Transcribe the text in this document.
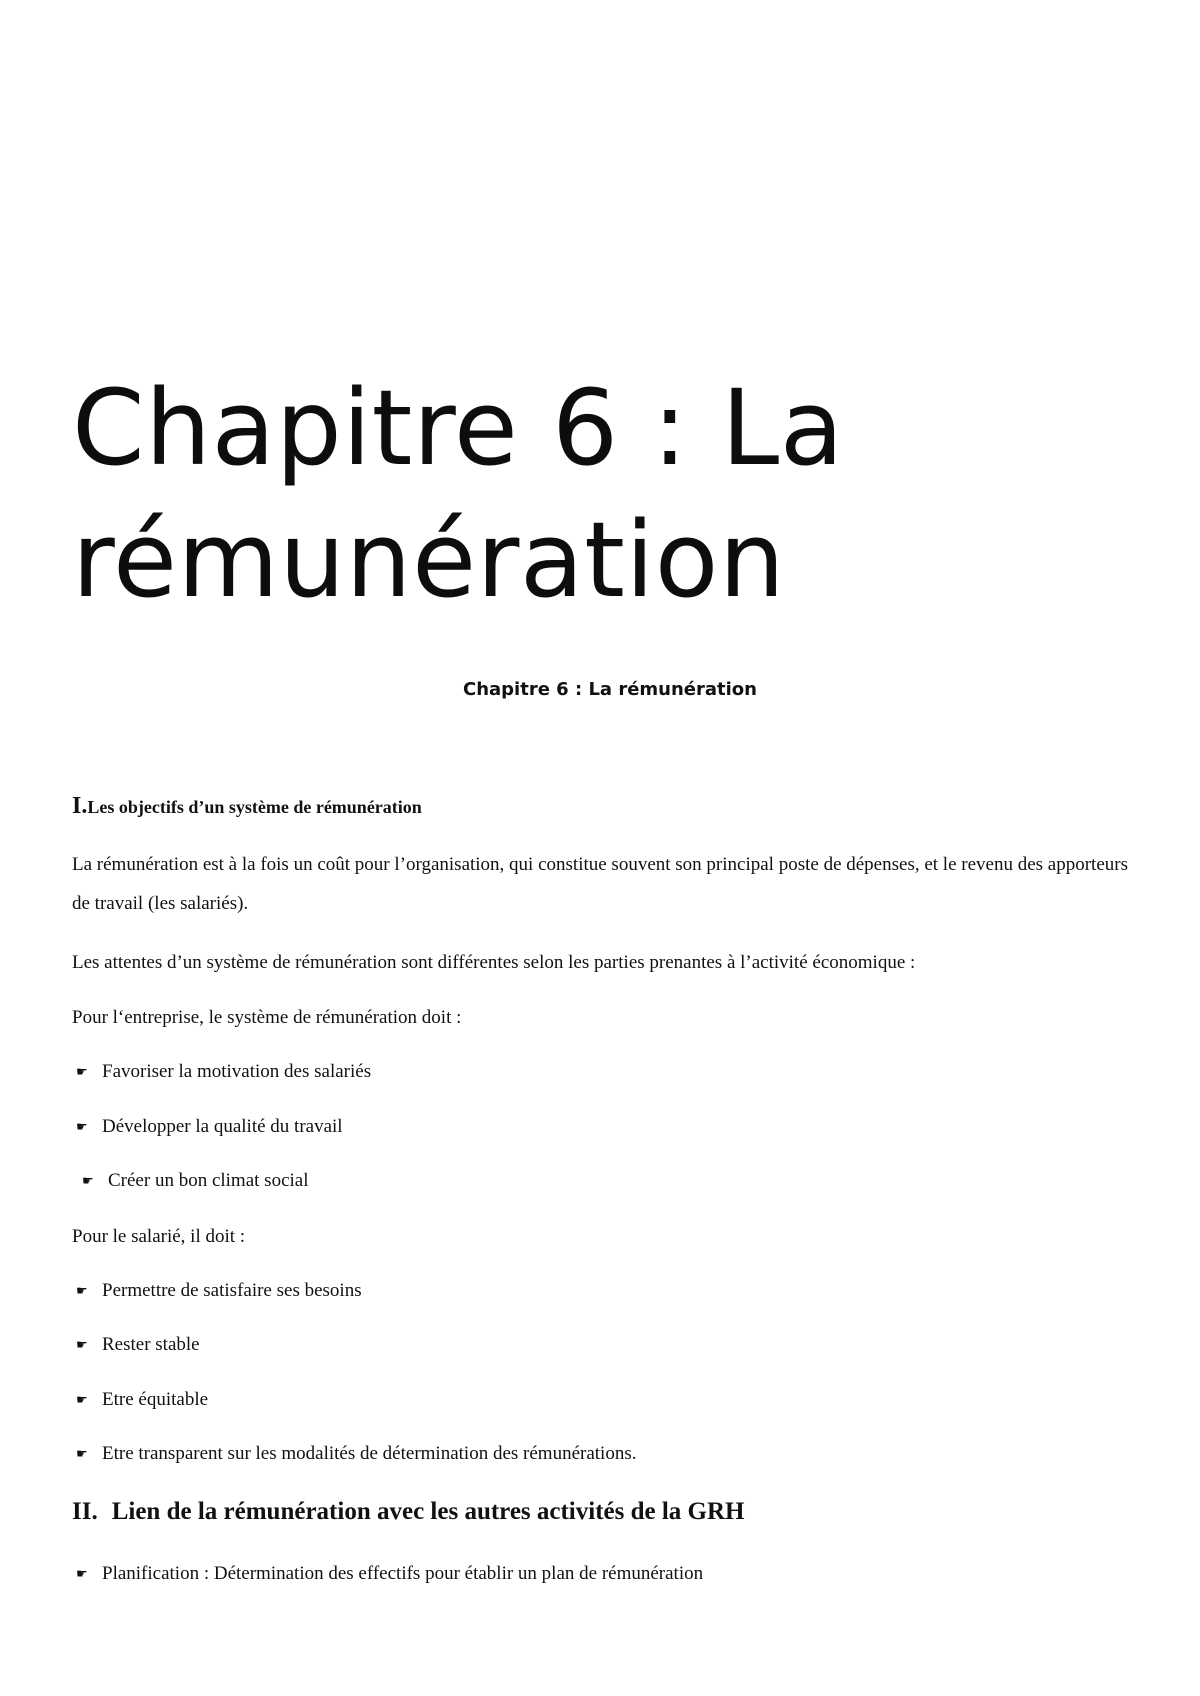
Chapitre 6 : La
rémunération

Chapitre 6 : La rémunération

I.Les objectifs d’un système de rémunération

La rémunération est à la fois un coût pour l’organisation, qui constitue souvent son principal poste de dépenses, et le revenu des apporteurs de travail (les salariés).

Les attentes d’un système de rémunération sont différentes selon les parties prenantes à l’activité économique :

Pour l‘entreprise, le système de rémunération doit :

☛ Favoriser la motivation des salariés

☛ Développer la qualité du travail

☛ Créer un bon climat social

Pour le salarié, il doit :

☛ Permettre de satisfaire ses besoins

☛ Rester stable

☛ Etre équitable

☛ Etre transparent sur les modalités de détermination des rémunérations.

II. Lien de la rémunération avec les autres activités de la GRH

☛ Planification : Détermination des effectifs pour établir un plan de rémunération
